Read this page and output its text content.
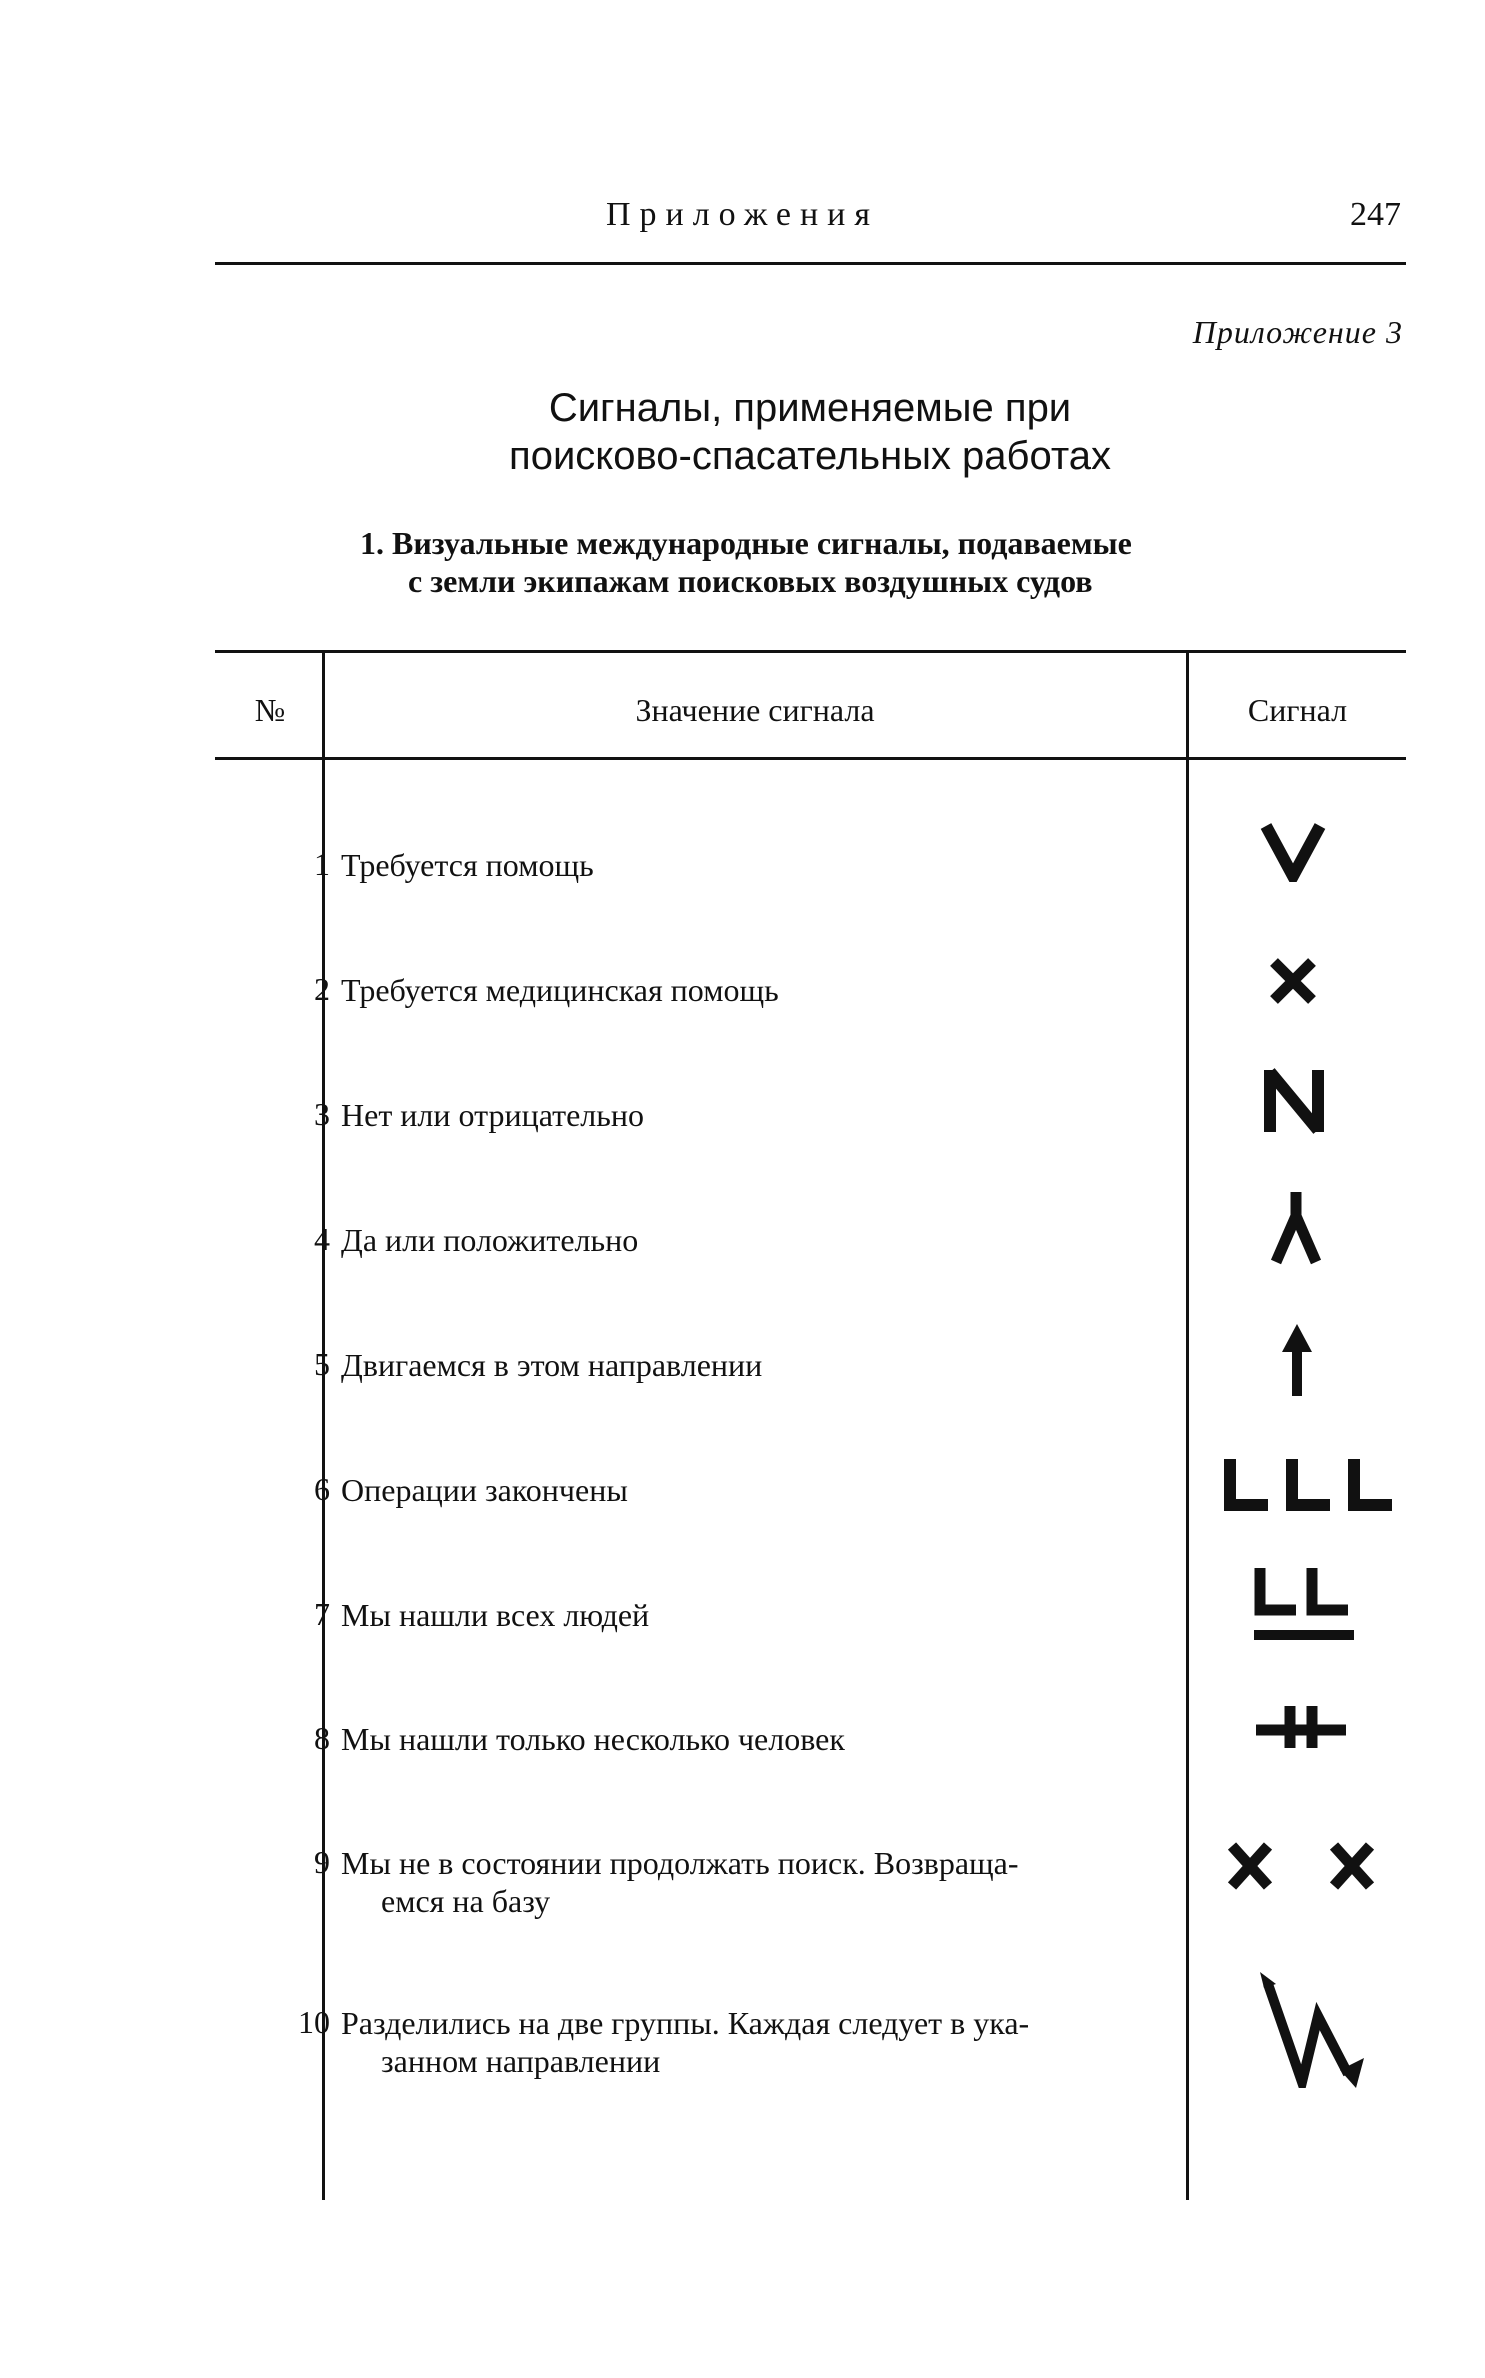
Приложения	247
Приложение 3
Сигналы, применяемые при
поисково-спасательных работах
1. Визуальные международные сигналы, подаваемые
с земли экипажам поисковых воздушных судов
№	Значение сигнала	Сигнал
1 Требуется помощь
2 Требуется медицинская помощь
3 Нет или отрицательно
4 Да или положительно
5 Двигаемся в этом направлении
6 Операции закончены
7 Мы нашли всех людей
8 Мы нашли только несколько человек
9 Мы не в состоянии продолжать поиск. Возвраща-
емся на базу
10 Разделились на две группы. Каждая следует в ука-
занном направлении
